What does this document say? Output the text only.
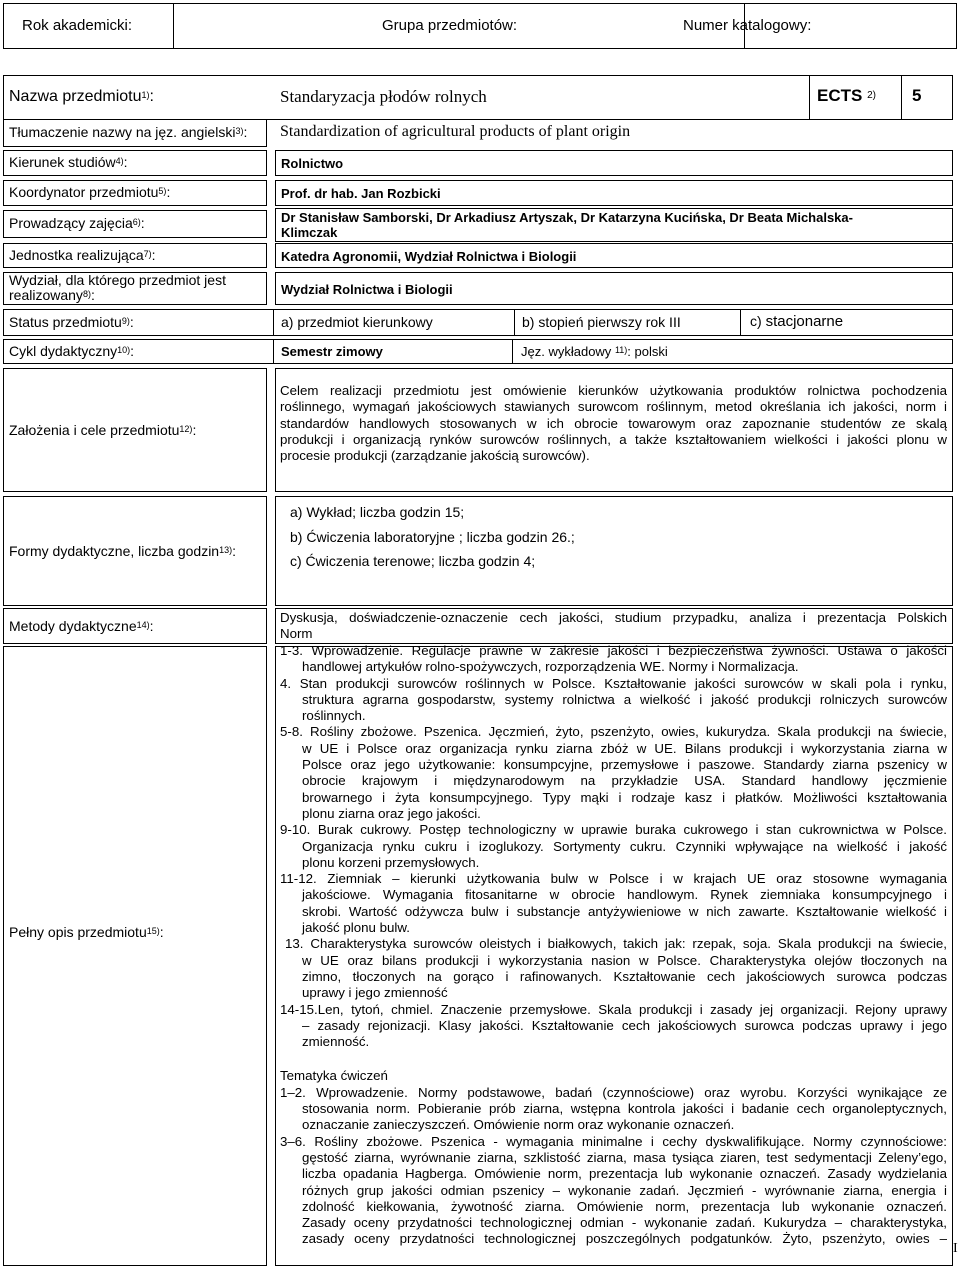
Rok akademicki:	Grupa przedmiotów:	Numer katalogowy:
Nazwa przedmiotu$^{1)}$:	Standaryzacja płodów rolnych	ECTS $^{2)}$ 5
Tłumaczenie nazwy na jęz. angielski$^{3)}$: Standardization of agricultural products of plant origin
Kierunek studiów$^{4)}$:	Rolnictwo
Koordynator przedmiotu$^{5)}$:	Prof. dr hab. Jan Rozbicki
Prowadzący zajęcia$^{6)}$:	Dr Stanisław Samborski, Dr Arkadiusz Artyszak, Dr Katarzyna Kucińska, Dr Beata Michalska-
Klimczak
Jednostka realizująca$^{7)}$:	Katedra Agronomii, Wydział Rolnictwa i Biologii
Wydział, dla którego przedmiot jest
realizowany$^{8)}$:	Wydział Rolnictwa i Biologii
Status przedmiotu$^{9)}$:	a) przedmiot kierunkowy	b) stopień pierwszy rok III	c) stacjonarne
Cykl dydaktyczny$^{10)}$:	Semestr zimowy	Jęz. wykładowy $^{11)}$: polski
Założenia i cele przedmiotu$^{12)}$:
Celem realizacji przedmiotu jest omówienie kierunków użytkowania produktów rolnictwa pochodzenia
roślinnego, wymagań jakościowych stawianych surowcom roślinnym, metod określania ich jakości, norm i
standardów handlowych stosowanych w ich obrocie towarowym oraz zapoznanie studentów ze skalą
produkcji i organizacją rynków surowców roślinnych, a także kształtowaniem wielkości i jakości plonu w
procesie produkcji (zarządzanie jakością surowców).
Formy dydaktyczne, liczba godzin$^{13)}$:
a) Wykład; liczba godzin 15;
b) Ćwiczenia laboratoryjne ; liczba godzin 26.;
c) Ćwiczenia terenowe; liczba godzin 4;
Metody dydaktyczne$^{14)}$:
Dyskusja, doświadczenie-oznaczenie cech jakości, studium przypadku, analiza i prezentacja Polskich
Norm
Pełny opis przedmiotu$^{15)}$:
1-3. Wprowadzenie. Regulacje prawne w zakresie jakości i bezpieczeństwa żywności. Ustawa o jakości
handlowej artykułów rolno-spożywczych, rozporządzenia WE. Normy i Normalizacja.
4. Stan produkcji surowców roślinnych w Polsce. Kształtowanie jakości surowców w skali pola i rynku,
struktura agrarna gospodarstw, systemy rolnictwa a wielkość i jakość produkcji rolniczych surowców
roślinnych.
5-8. Rośliny zbożowe. Pszenica. Jęczmień, żyto, pszenżyto, owies, kukurydza. Skala produkcji na świecie,
w UE i Polsce oraz organizacja rynku ziarna zbóż w UE. Bilans produkcji i wykorzystania ziarna w
Polsce oraz jego użytkowanie: konsumpcyjne, przemysłowe i paszowe. Standardy ziarna pszenicy w
obrocie krajowym i międzynarodowym na przykładzie USA. Standard handlowy jęczmienie
browarnego i żyta konsumpcyjnego. Typy mąki i rodzaje kasz i płatków. Możliwości kształtowania
plonu ziarna oraz jego jakości.
9-10. Burak cukrowy. Postęp technologiczny w uprawie buraka cukrowego i stan cukrownictwa w Polsce.
Organizacja rynku cukru i izoglukozy. Sortymenty cukru. Czynniki wpływające na wielkość i jakość
plonu korzeni przemysłowych.
11-12. Ziemniak – kierunki użytkowania bulw w Polsce i w krajach UE oraz stosowne wymagania
jakościowe. Wymagania fitosanitarne w obrocie handlowym. Rynek ziemniaka konsumpcyjnego i
skrobi. Wartość odżywcza bulw i substancje antyżywieniowe w nich zawarte. Kształtowanie wielkość i
jakość plonu bulw.
13. Charakterystyka surowców oleistych i białkowych, takich jak: rzepak, soja. Skala produkcji na świecie,
w UE oraz bilans produkcji i wykorzystania nasion w Polsce. Charakterystyka olejów tłoczonych na
zimno, tłoczonych na gorąco i rafinowanych. Kształtowanie cech jakościowych surowca podczas
uprawy i jego zmienność
14-15.Len, tytoń, chmiel. Znaczenie przemysłowe. Skala produkcji i zasady jej organizacji. Rejony uprawy
– zasady rejonizacji. Klasy jakości. Kształtowanie cech jakościowych surowca podczas uprawy i jego
zmienność.
Tematyka ćwiczeń
1–2. Wprowadzenie. Normy podstawowe, badań (czynnościowe) oraz wyrobu. Korzyści wynikające ze
stosowania norm. Pobieranie prób ziarna, wstępna kontrola jakości i badanie cech organoleptycznych,
oznaczanie zanieczyszczeń. Omówienie norm oraz wykonanie oznaczeń.
3–6. Rośliny zbożowe. Pszenica - wymagania minimalne i cechy dyskwalifikujące. Normy czynnościowe:
gęstość ziarna, wyrównanie ziarna, szklistość ziarna, masa tysiąca ziaren, test sedymentacji Zeleny’ego,
liczba opadania Hagberga. Omówienie norm, prezentacja lub wykonanie oznaczeń. Zasady wydzielania
różnych grup jakości odmian pszenicy – wykonanie zadań. Jęczmień - wyrównanie ziarna, energia i
zdolność kiełkowania, żywotność ziarna. Omówienie norm, prezentacja lub wykonanie oznaczeń.
Zasady oceny przydatności technologicznej odmian - wykonanie zadań. Kukurydza – charakterystyka,
zasady oceny przydatności technologicznej poszczególnych podgatunków. Żyto, pszenżyto, owies –
I
